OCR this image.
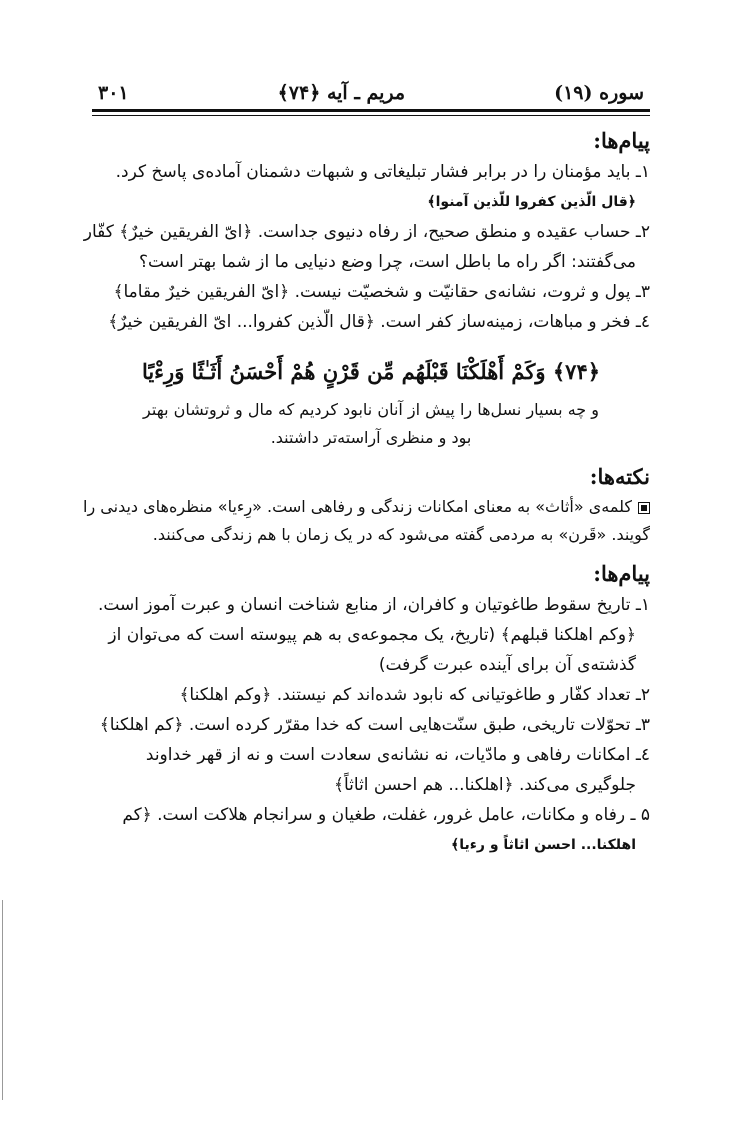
سوره (۱۹)
مریم ـ آیه ﴿۷۴﴾
۳۰۱
پیام‌ها:
۱ـ باید مؤمنان را در برابر فشار تبلیغاتی و شبهات دشمنان آماده‌ی پاسخ کرد.
﴿قال الّذین کفروا للّذین آمنوا﴾
۲ـ حساب عقیده و منطق صحیح، از رفاه دنیوی جداست. ﴿ایّ الفریقین خیرٌ﴾ کفّار
می‌گفتند: اگر راه ما باطل است، چرا وضع دنیایی ما از شما بهتر است؟
۳ـ پول و ثروت، نشانه‌ی حقانیّت و شخصیّت نیست. ﴿ایّ الفریقین خیرٌ مقاما﴾
٤ـ فخر و مباهات، زمینه‌ساز کفر است. ﴿قال الّذین کفروا... ایّ الفریقین خیرٌ﴾
﴿۷۴﴾ وَکَمْ أَهْلَکْنَا قَبْلَهُم مِّن قَرْنٍ هُمْ أَحْسَنُ أَثَـٰثًا وَرِءْیًا
و چه بسیار نسل‌ها را پیش از آنان نابود کردیم که مال و ثروتشان بهتر
بود و منظری آراسته‌تر داشتند.
نکته‌ها:
کلمه‌ی «أثاث» به معنای امکانات زندگی و رفاهی است. «رِءیا» منظره‌های دیدنی را
گویند. «قَرن» به مردمی گفته می‌شود که در یک زمان با هم زندگی می‌کنند.
پیام‌ها:
۱ـ تاریخ سقوط طاغوتیان و کافران، از منابع شناخت انسان و عبرت آموز است.
﴿وکم اهلکنا قبلهم﴾ (تاریخ، یک مجموعه‌ی به هم پیوسته است که می‌توان از
گذشته‌ی آن برای آینده عبرت گرفت)
۲ـ تعداد کفّار و طاغوتیانی که نابود شده‌اند کم نیستند. ﴿وکم اهلکنا﴾
۳ـ تحوّلات تاریخی، طبق سنّت‌هایی است که خدا مقرّر کرده است. ﴿کم اهلکنا﴾
٤ـ امکانات رفاهی و مادّیات، نه نشانه‌ی سعادت است و نه از قهر خداوند
جلوگیری می‌کند. ﴿اهلکنا... هم احسن اثاثاً﴾
۵ ـ رفاه و مکانات، عامل غرور، غفلت، طغیان و سرانجام هلاکت است. ﴿کم
اهلکنا... احسن اثاثاً و رءیا﴾
